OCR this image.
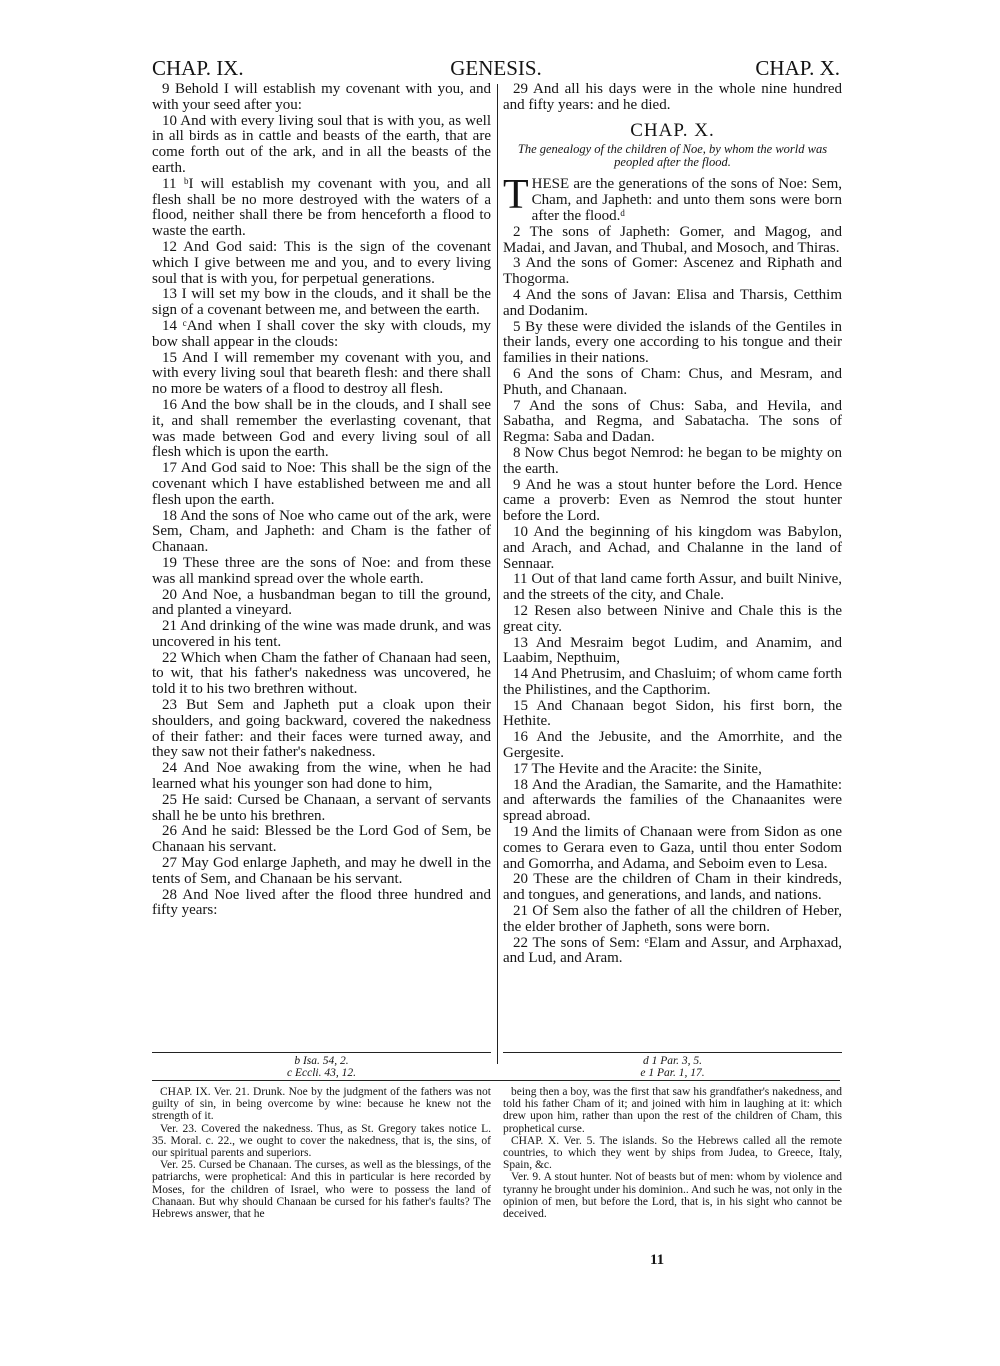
CHAP. IX.	GENESIS.	CHAP. X.

9 Behold I will establish my covenant with you, and with your seed after you:

10 And with every living soul that is with you, as well in all birds as in cattle and beasts of the earth, that are come forth out of the ark, and in all the beasts of the earth.

11 ᵇI will establish my covenant with you, and all flesh shall be no more destroyed with the waters of a flood, neither shall there be from henceforth a flood to waste the earth.

12 And God said: This is the sign of the covenant which I give between me and you, and to every living soul that is with you, for perpetual generations.

13 I will set my bow in the clouds, and it shall be the sign of a covenant between me, and between the earth.

14 ᶜAnd when I shall cover the sky with clouds, my bow shall appear in the clouds:

15 And I will remember my covenant with you, and with every living soul that beareth flesh: and there shall no more be waters of a flood to destroy all flesh.

16 And the bow shall be in the clouds, and I shall see it, and shall remember the everlasting covenant, that was made between God and every living soul of all flesh which is upon the earth.

17 And God said to Noe: This shall be the sign of the covenant which I have established between me and all flesh upon the earth.

18 And the sons of Noe who came out of the ark, were Sem, Cham, and Japheth: and Cham is the father of Chanaan.

19 These three are the sons of Noe: and from these was all mankind spread over the whole earth.

20 And Noe, a husbandman began to till the ground, and planted a vineyard.

21 And drinking of the wine was made drunk, and was uncovered in his tent.

22 Which when Cham the father of Chanaan had seen, to wit, that his father's nakedness was uncovered, he told it to his two brethren without.

23 But Sem and Japheth put a cloak upon their shoulders, and going backward, covered the nakedness of their father: and their faces were turned away, and they saw not their father's nakedness.

24 And Noe awaking from the wine, when he had learned what his younger son had done to him,

25 He said: Cursed be Chanaan, a servant of servants shall he be unto his brethren.

26 And he said: Blessed be the Lord God of Sem, be Chanaan his servant.

27 May God enlarge Japheth, and may he dwell in the tents of Sem, and Chanaan be his servant.

28 And Noe lived after the flood three hundred and fifty years:

29 And all his days were in the whole nine hundred and fifty years: and he died.

CHAP. X.

The genealogy of the children of Noe, by whom the world was peopled after the flood.

THESE are the generations of the sons of Noe: Sem, Cham, and Japheth: and unto them sons were born after the flood.ᵈ

2 The sons of Japheth: Gomer, and Magog, and Madai, and Javan, and Thubal, and Mosoch, and Thiras.

3 And the sons of Gomer: Ascenez and Riphath and Thogorma.

4 And the sons of Javan: Elisa and Tharsis, Cetthim and Dodanim.

5 By these were divided the islands of the Gentiles in their lands, every one according to his tongue and their families in their nations.

6 And the sons of Cham: Chus, and Mesram, and Phuth, and Chanaan.

7 And the sons of Chus: Saba, and Hevila, and Sabatha, and Regma, and Sabatacha. The sons of Regma: Saba and Dadan.

8 Now Chus begot Nemrod: he began to be mighty on the earth.

9 And he was a stout hunter before the Lord. Hence came a proverb: Even as Nemrod the stout hunter before the Lord.

10 And the beginning of his kingdom was Babylon, and Arach, and Achad, and Chalanne in the land of Sennaar.

11 Out of that land came forth Assur, and built Ninive, and the streets of the city, and Chale.

12 Resen also between Ninive and Chale this is the great city.

13 And Mesraim begot Ludim, and Anamim, and Laabim, Nepthuim,

14 And Phetrusim, and Chasluim; of whom came forth the Philistines, and the Capthorim.

15 And Chanaan begot Sidon, his first born, the Hethite.

16 And the Jebusite, and the Amorrhite, and the Gergesite.

17 The Hevite and the Aracite: the Sinite,

18 And the Aradian, the Samarite, and the Hamathite: and afterwards the families of the Chanaanites were spread abroad.

19 And the limits of Chanaan were from Sidon as one comes to Gerara even to Gaza, until thou enter Sodom and Gomorrha, and Adama, and Seboim even to Lesa.

20 These are the children of Cham in their kindreds, and tongues, and generations, and lands, and nations.

21 Of Sem also the father of all the children of Heber, the elder brother of Japheth, sons were born.

22 The sons of Sem: ᵉElam and Assur, and Arphaxad, and Lud, and Aram.

b Isa. 54, 2.
c Eccli. 43, 12.
d 1 Par. 3, 5.
e 1 Par. 1, 17.

CHAP. IX. Ver. 21. Drunk. Noe by the judgment of the fathers was not guilty of sin, in being overcome by wine: because he knew not the strength of it.

Ver. 23. Covered the nakedness. Thus, as St. Gregory takes notice L. 35. Moral. c. 22., we ought to cover the nakedness, that is, the sins, of our spiritual parents and superiors.

Ver. 25. Cursed be Chanaan. The curses, as well as the blessings, of the patriarchs, were prophetical: And this in particular is here recorded by Moses, for the children of Israel, who were to possess the land of Chanaan. But why should Chanaan be cursed for his father's faults? The Hebrews answer, that he

being then a boy, was the first that saw his grandfather's nakedness, and told his father Cham of it; and joined with him in laughing at it: which drew upon him, rather than upon the rest of the children of Cham, this prophetical curse.

CHAP. X. Ver. 5. The islands. So the Hebrews called all the remote countries, to which they went by ships from Judea, to Greece, Italy, Spain, &c.

Ver. 9. A stout hunter. Not of beasts but of men: whom by violence and tyranny he brought under his dominion.. And such he was, not only in the opinion of men, but before the Lord, that is, in his sight who cannot be deceived.

11
